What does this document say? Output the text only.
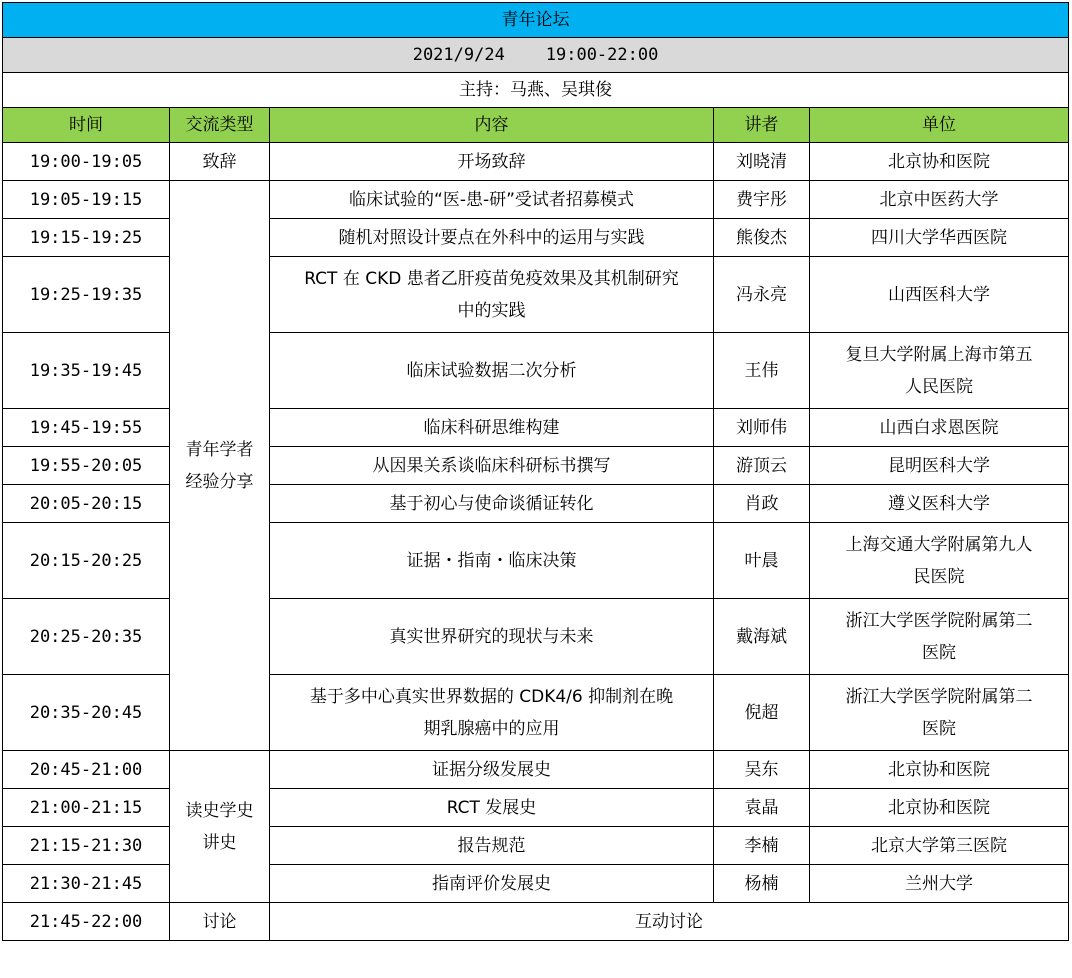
青年论坛				
2021/9/24    19:00-22:00				
主持：马燕、吴琪俊				
时间	交流类型	内容	讲者	单位
19:00-19:05	致辞	开场致辞	刘晓清	北京协和医院
19:05-19:15	青年学者经验分享	临床试验的“医-患-研”受试者招募模式	费宇彤	北京中医药大学
19:15-19:25		随机对照设计要点在外科中的运用与实践	熊俊杰	四川大学华西医院
19:25-19:35		RCT 在 CKD 患者乙肝疫苗免疫效果及其机制研究中的实践	冯永亮	山西医科大学
19:35-19:45		临床试验数据二次分析	王伟	复旦大学附属上海市第五人民医院
19:45-19:55		临床科研思维构建	刘师伟	山西白求恩医院
19:55-20:05		从因果关系谈临床科研标书撰写	游顶云	昆明医科大学
20:05-20:15		基于初心与使命谈循证转化	肖政	遵义医科大学
20:15-20:25		证据・指南・临床决策	叶晨	上海交通大学附属第九人民医院
20:25-20:35		真实世界研究的现状与未来	戴海斌	浙江大学医学院附属第二医院
20:35-20:45		基于多中心真实世界数据的 CDK4/6 抑制剂在晚期乳腺癌中的应用	倪超	浙江大学医学院附属第二医院
20:45-21:00	读史学史讲史	证据分级发展史	吴东	北京协和医院
21:00-21:15		RCT 发展史	袁晶	北京协和医院
21:15-21:30		报告规范	李楠	北京大学第三医院
21:30-21:45		指南评价发展史	杨楠	兰州大学
21:45-22:00	讨论	互动讨论		
